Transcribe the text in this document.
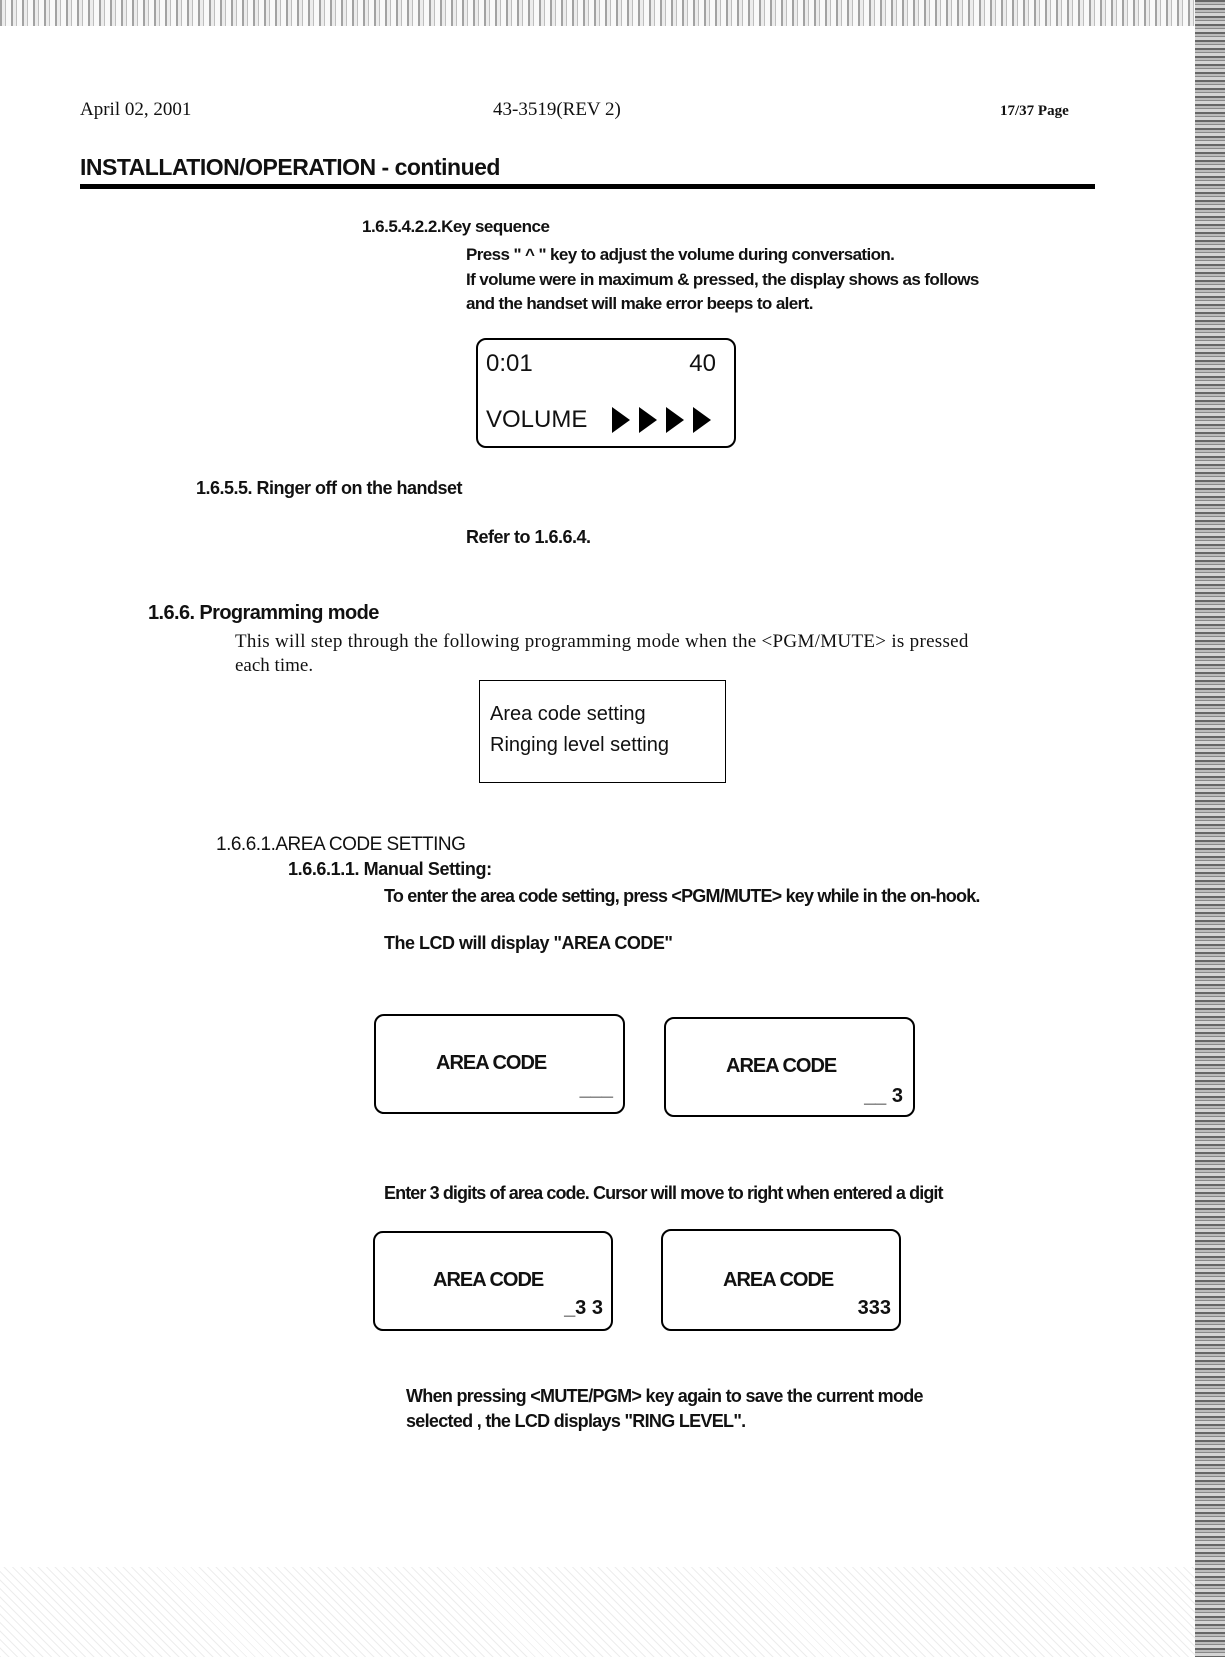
April 02, 2001	43-3519(REV 2)	17/37 Page
INSTALLATION/OPERATION - continued
1.6.5.4.2.2.Key sequence
Press " ^ " key to adjust the volume during conversation.
If volume were in maximum & pressed, the display shows as follows
and the handset will make error beeps to alert.
0:01	40
VOLUME
1.6.5.5. Ringer off on the handset
Refer to 1.6.6.4.
1.6.6. Programming mode
This will step through the following programming mode when the <PGM/MUTE> is pressed
each time.
Area code setting
Ringing level setting
1.6.6.1.AREA CODE SETTING
1.6.6.1.1. Manual Setting:
To enter the area code setting, press <PGM/MUTE> key while in the on-hook.
The LCD will display "AREA CODE"
AREA CODE
___
AREA CODE
__ 3
Enter 3 digits of area code. Cursor will move to right when entered a digit
AREA CODE
_3 3
AREA CODE
333
When pressing <MUTE/PGM> key again to save the current mode
selected , the LCD displays "RING LEVEL".
